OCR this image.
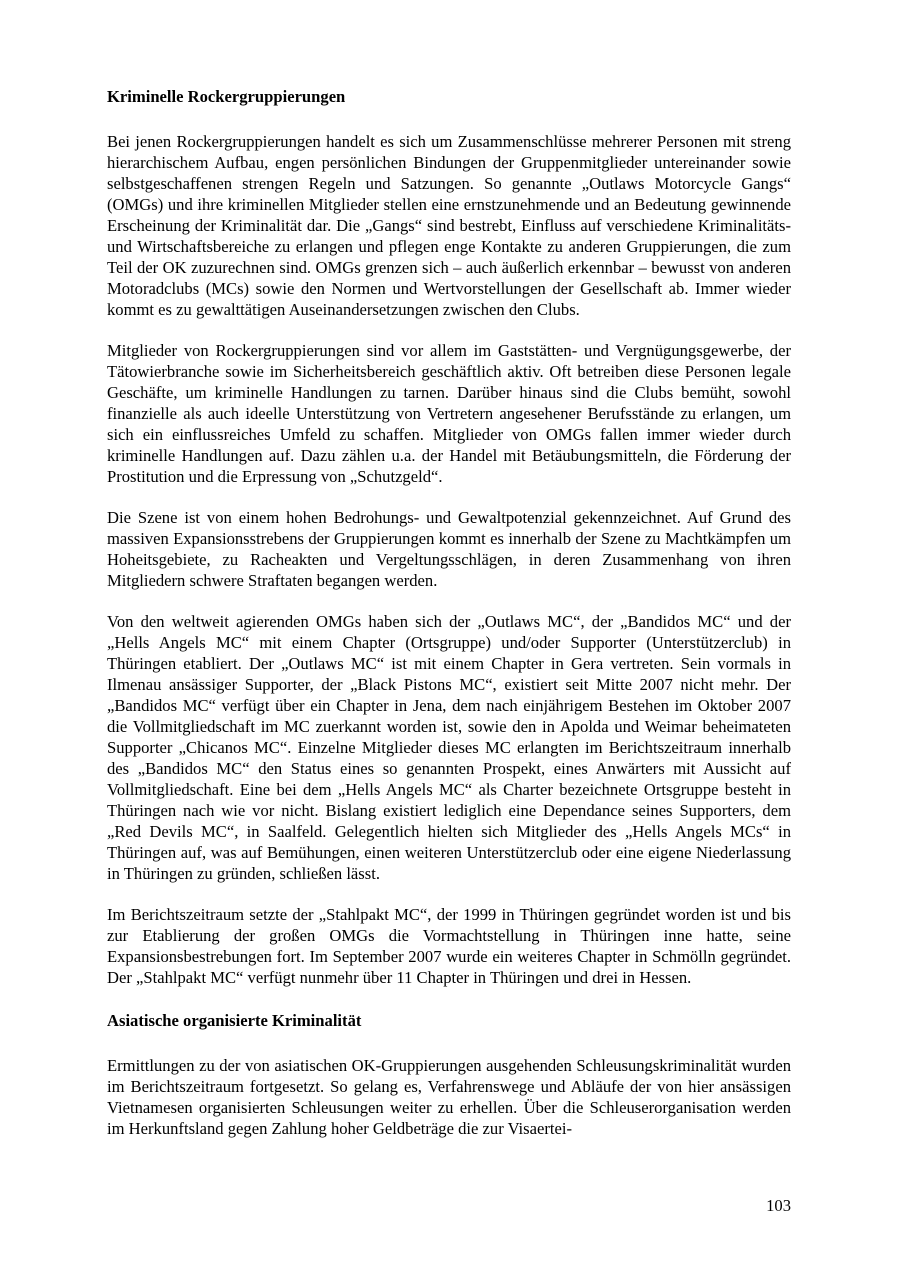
Kriminelle Rockergruppierungen

Bei jenen Rockergruppierungen handelt es sich um Zusammenschlüsse mehrerer Personen mit streng hierarchischem Aufbau, engen persönlichen Bindungen der Gruppenmitglieder untereinander sowie selbstgeschaffenen strengen Regeln und Satzungen. So genannte „Outlaws Motorcycle Gangs“ (OMGs) und ihre kriminellen Mitglieder stellen eine ernstzunehmende und an Bedeutung gewinnende Erscheinung der Kriminalität dar. Die „Gangs“ sind bestrebt, Einfluss auf verschiedene Kriminalitäts- und Wirtschaftsbereiche zu erlangen und pflegen enge Kontakte zu anderen Gruppierungen, die zum Teil der OK zuzurechnen sind. OMGs grenzen sich – auch äußerlich erkennbar – bewusst von anderen Motoradclubs (MCs) sowie den Normen und Wertvorstellungen der Gesellschaft ab. Immer wieder kommt es zu gewalttätigen Auseinandersetzungen zwischen den Clubs.

Mitglieder von Rockergruppierungen sind vor allem im Gaststätten- und Vergnügungsgewerbe, der Tätowierbranche sowie im Sicherheitsbereich geschäftlich aktiv. Oft betreiben diese Personen legale Geschäfte, um kriminelle Handlungen zu tarnen. Darüber hinaus sind die Clubs bemüht, sowohl finanzielle als auch ideelle Unterstützung von Vertretern angesehener Berufsstände zu erlangen, um sich ein einflussreiches Umfeld zu schaffen. Mitglieder von OMGs fallen immer wieder durch kriminelle Handlungen auf. Dazu zählen u.a. der Handel mit Betäubungsmitteln, die Förderung der Prostitution und die Erpressung von „Schutzgeld“.

Die Szene ist von einem hohen Bedrohungs- und Gewaltpotenzial gekennzeichnet. Auf Grund des massiven Expansionsstrebens der Gruppierungen kommt es innerhalb der Szene zu Machtkämpfen um Hoheitsgebiete, zu Racheakten und Vergeltungsschlägen, in deren Zusammenhang von ihren Mitgliedern schwere Straftaten begangen werden.

Von den weltweit agierenden OMGs haben sich der „Outlaws MC“, der „Bandidos MC“ und der „Hells Angels MC“ mit einem Chapter (Ortsgruppe) und/oder Supporter (Unterstützerclub) in Thüringen etabliert. Der „Outlaws MC“ ist mit einem Chapter in Gera vertreten. Sein vormals in Ilmenau ansässiger Supporter, der „Black Pistons MC“, existiert seit Mitte 2007 nicht mehr. Der „Bandidos MC“ verfügt über ein Chapter in Jena, dem nach einjährigem Bestehen im Oktober 2007 die Vollmitgliedschaft im MC zuerkannt worden ist, sowie den in Apolda und Weimar beheimateten Supporter „Chicanos MC“. Einzelne Mitglieder dieses MC erlangten im Berichtszeitraum innerhalb des „Bandidos MC“ den Status eines so genannten Prospekt, eines Anwärters mit Aussicht auf Vollmitgliedschaft. Eine bei dem „Hells Angels MC“ als Charter bezeichnete Ortsgruppe besteht in Thüringen nach wie vor nicht. Bislang existiert lediglich eine Dependance seines Supporters, dem „Red Devils MC“, in Saalfeld. Gelegentlich hielten sich Mitglieder des „Hells Angels MCs“ in Thüringen auf, was auf Bemühungen, einen weiteren Unterstützerclub oder eine eigene Niederlassung in Thüringen zu gründen, schließen lässt.

Im Berichtszeitraum setzte der „Stahlpakt MC“, der 1999 in Thüringen gegründet worden ist und bis zur Etablierung der großen OMGs die Vormachtstellung in Thüringen inne hatte, seine Expansionsbestrebungen fort. Im September 2007 wurde ein weiteres Chapter in Schmölln gegründet. Der „Stahlpakt MC“ verfügt nunmehr über 11 Chapter in Thüringen und drei in Hessen.

Asiatische organisierte Kriminalität

Ermittlungen zu der von asiatischen OK-Gruppierungen ausgehenden Schleusungskriminalität wurden im Berichtszeitraum fortgesetzt. So gelang es, Verfahrenswege und Abläufe der von hier ansässigen Vietnamesen organisierten Schleusungen weiter zu erhellen. Über die Schleuserorganisation werden im Herkunftsland gegen Zahlung hoher Geldbeträge die zur Visaertei-

103
